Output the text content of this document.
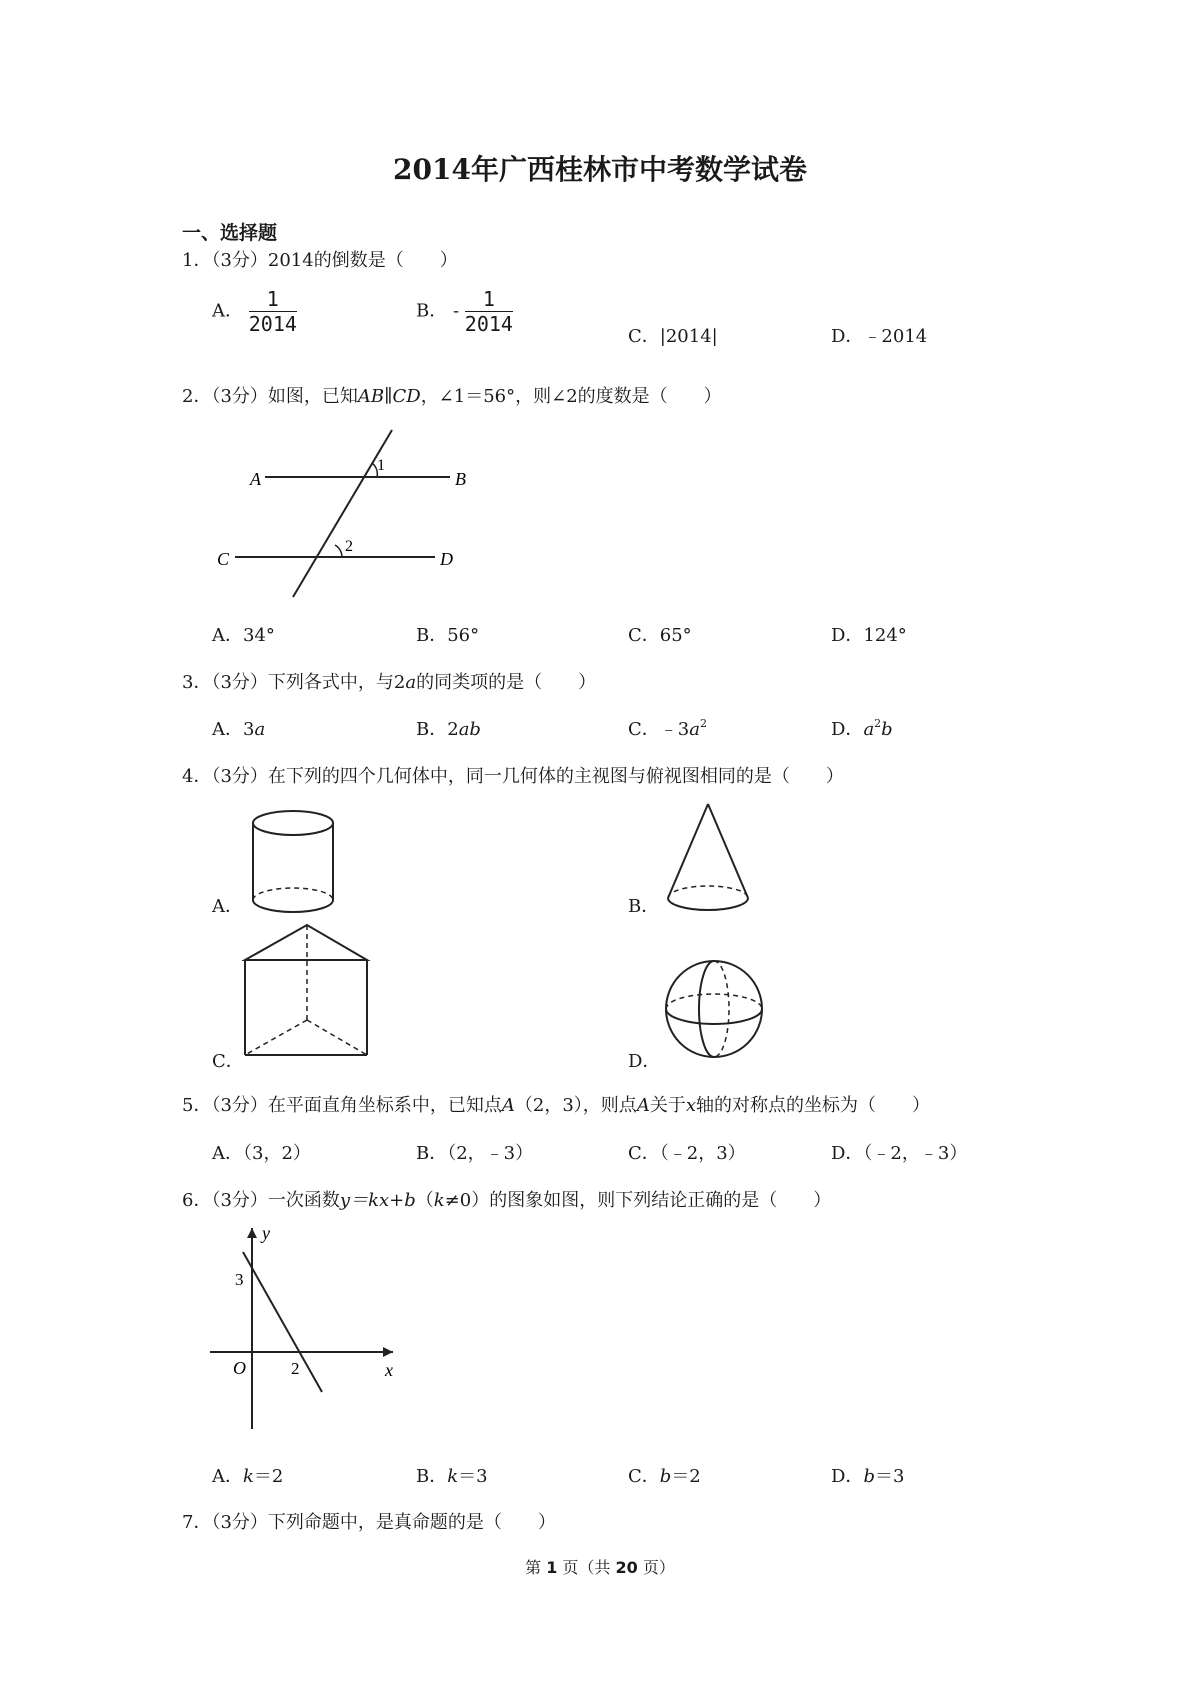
2014年广西桂林市中考数学试卷
一、选择题
1．（3分）2014的倒数是（　　）
A． $\frac{1}{2014}$	B． - $\frac{1}{2014}$
C．|2014|	D．﹣2014
2．（3分）如图，已知AB∥CD，∠1＝56°，则∠2的度数是（　　）
A	B
C	D
1
2
A．34°	B．56°	C．65°	D．124°
3．（3分）下列各式中，与2a的同类项的是（　　）
A．3a	B．2ab	C．$﹣3a^2$	D．$a^2b$
4．（3分）在下列的四个几何体中，同一几何体的主视图与俯视图相同的是（　　）
A．	B．
C．	D．
5．（3分）在平面直角坐标系中，已知点A（2，3），则点A关于x轴的对称点的坐标为（　　）
A．（3，2）	B．（2，﹣3）	C．（﹣2，3）	D．（﹣2，﹣3）
6．（3分）一次函数y＝kx+b（k≠0）的图象如图，则下列结论正确的是（　　）
y
x
O
3
2
A．k＝2	B．k＝3	C．b＝2	D．b＝3
7．（3分）下列命题中，是真命题的是（　　）
第 1 页（共 20 页）
